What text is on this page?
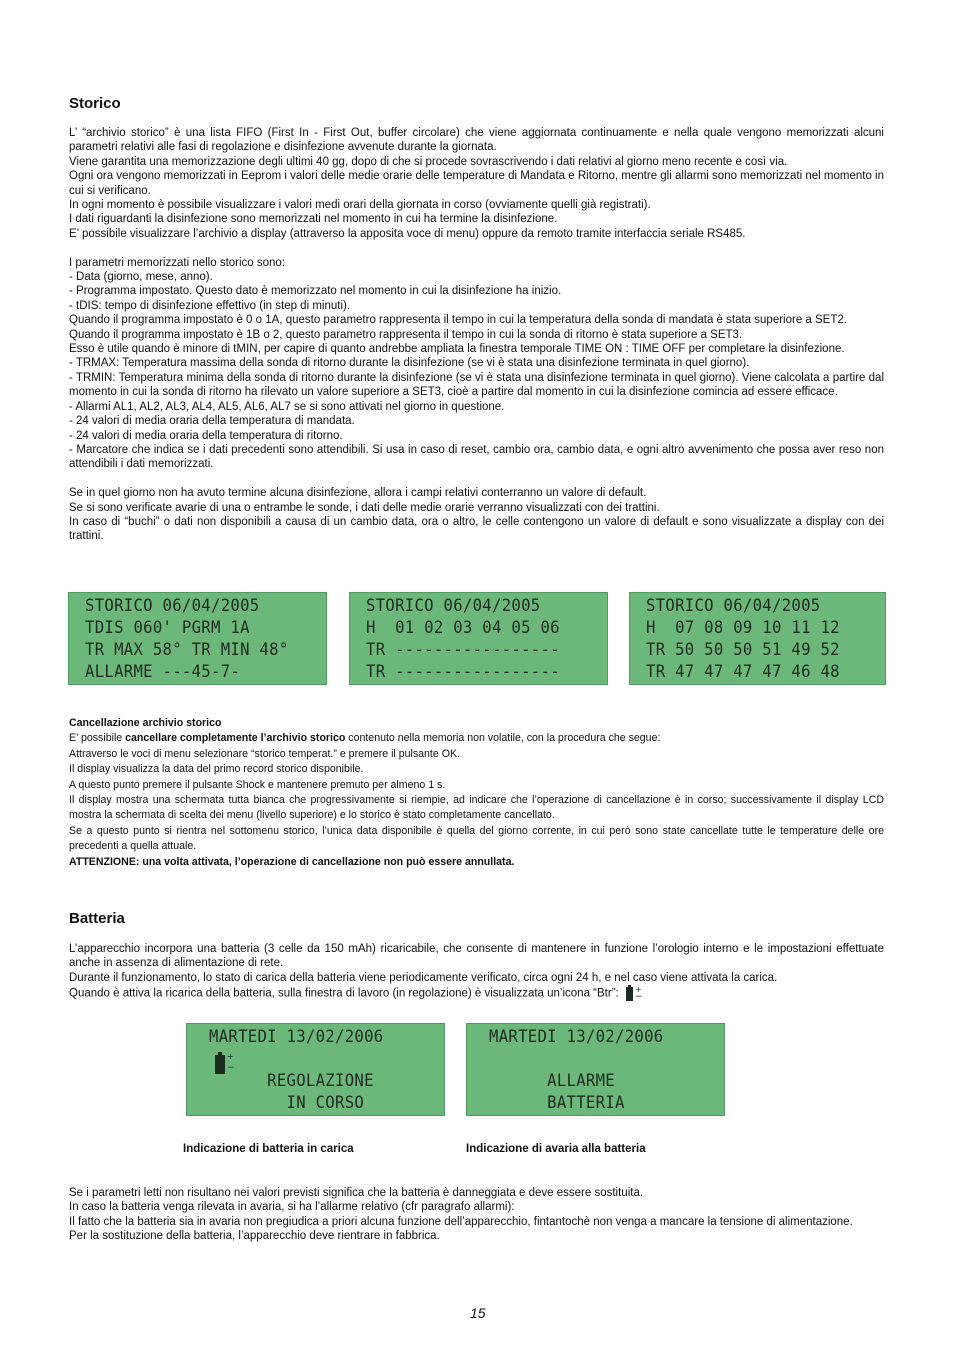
Storico
L’ “archivio storico” è una lista FIFO (First In - First Out, buffer circolare) che viene aggiornata continuamente e nella quale vengono memorizzati alcuni parametri relativi alle fasi di regolazione e disinfezione avvenute durante la giornata.
Viene garantita una memorizzazione degli ultimi 40 gg, dopo di che si procede sovrascrivendo i dati relativi al giorno meno recente e così via.
Ogni ora vengono memorizzati in Eeprom i valori delle medie orarie delle temperature di Mandata e Ritorno, mentre gli allarmi sono memorizzati nel momento in cui si verificano.
In ogni momento è possibile visualizzare i valori medi orari della giornata in corso (ovviamente quelli già registrati).
I dati riguardanti la disinfezione sono memorizzati nel momento in cui ha termine la disinfezione.
E’ possibile visualizzare l’archivio a display (attraverso la apposita voce di menu) oppure da remoto tramite interfaccia seriale RS485.
I parametri memorizzati nello storico sono:
- Data (giorno, mese, anno).
- Programma impostato. Questo dato è memorizzato nel momento in cui la disinfezione ha inizio.
- tDIS: tempo di disinfezione effettivo (in step di minuti).
Quando il programma impostato è 0 o 1A, questo parametro rappresenta il tempo in cui la temperatura della sonda di mandata è stata superiore a SET2.
Quando il programma impostato è 1B o 2, questo parametro rappresenta il tempo in cui la sonda di ritorno è stata superiore a SET3.
Esso è utile quando è minore di tMIN, per capire di quanto andrebbe ampliata la finestra temporale TIME ON : TIME OFF per completare la disinfezione.
- TRMAX: Temperatura massima della sonda di ritorno durante la disinfezione (se vi è stata una disinfezione terminata in quel giorno).
- TRMIN: Temperatura minima della sonda di ritorno durante la disinfezione (se vi è stata una disinfezione terminata in quel giorno). Viene calcolata a partire dal momento in cui la sonda di ritorno ha rilevato un valore superiore a SET3, cioè a partire dal momento in cui la disinfezione comincia ad essere efficace.
- Allarmi AL1, AL2, AL3, AL4, AL5, AL6, AL7 se si sono attivati nel giorno in questione.
- 24 valori di media oraria della temperatura di mandata.
- 24 valori di media oraria della temperatura di ritorno.
- Marcatore che indica se i dati precedenti sono attendibili. Si usa in caso di reset, cambio ora, cambio data, e ogni altro avvenimento che possa aver reso non attendibili i dati memorizzati.
Se in quel giorno non ha avuto termine alcuna disinfezione, allora i campi relativi conterranno un valore di default.
Se si sono verificate avarie di una o entrambe le sonde, i dati delle medie orarie verranno visualizzati con dei trattini.
In caso di “buchi” o dati non disponibili a causa di un cambio data, ora o altro, le celle contengono un valore di default e sono visualizzate a display con dei trattini.
STORICO 06/04/2005
TDIS 060' PGRM 1A
TR MAX 58° TR MIN 48°
ALLARME ---45-7-
STORICO 06/04/2005
H  01 02 03 04 05 06
TR -----------------
TR -----------------
STORICO 06/04/2005
H  07 08 09 10 11 12
TR 50 50 50 51 49 52
TR 47 47 47 47 46 48
Cancellazione archivio storico
E’ possibile cancellare completamente l’archivio storico contenuto nella memoria non volatile, con la procedura che segue:
Attraverso le voci di menu selezionare “storico temperat.” e premere il pulsante OK.
Il display visualizza la data del primo record storico disponibile.
A questo punto premere il pulsante Shock e mantenere premuto per almeno 1 s.
Il display mostra una schermata tutta bianca che progressivamente si riempie, ad indicare che l’operazione di cancellazione è in corso; successivamente il display LCD mostra la schermata di scelta dei menu (livello superiore) e lo storico è stato completamente cancellato.
Se a questo punto si rientra nel sottomenu storico, l’unica data disponibile è quella del giorno corrente, in cui però sono state cancellate tutte le temperature delle ore precedenti a quella attuale.
ATTENZIONE: una volta attivata, l’operazione di cancellazione non può essere annullata.
Batteria
L’apparecchio incorpora una batteria (3 celle da 150 mAh) ricaricabile, che consente di mantenere in funzione l’orologio interno e le impostazioni effettuate anche in assenza di alimentazione di rete.
Durante il funzionamento, lo stato di carica della batteria viene periodicamente verificato, circa ogni 24 h, e nel caso viene attivata la carica.
Quando è attiva la ricarica della batteria, sulla finestra di lavoro (in regolazione) è visualizzata un’icona “Btr”: +
−
MARTEDI 13/02/2006
+
−
REGOLAZIONE
IN CORSO
MARTEDI 13/02/2006
ALLARME
BATTERIA
Indicazione di batteria in carica	Indicazione di avaria alla batteria
Se i parametri letti non risultano nei valori previsti significa che la batteria è danneggiata e deve essere sostituita.
In caso la batteria venga rilevata in avaria, si ha l’allarme relativo (cfr paragrafo allarmi):
Il fatto che la batteria sia in avaria non pregiudica a priori alcuna funzione dell’apparecchio, fintantochè non venga a mancare la tensione di alimentazione.
Per la sostituzione della batteria, l’apparecchio deve rientrare in fabbrica.
15
